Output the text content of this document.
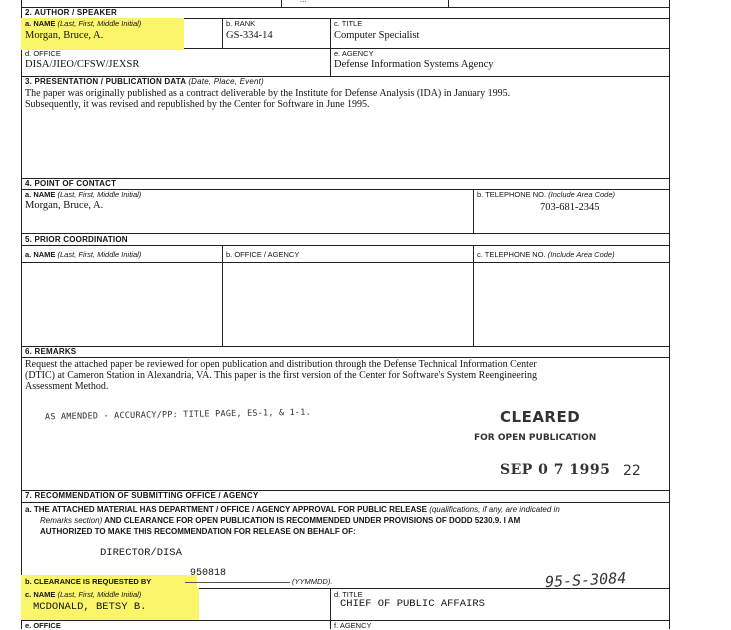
2. AUTHOR / SPEAKER
a. NAME (Last, First, Middle Initial)
Morgan, Bruce, A.
b. RANK
GS-334-14
c. TITLE
Computer Specialist
d. OFFICE
DISA/JIEO/CFSW/JEXSR
e. AGENCY
Defense Information Systems Agency
3. PRESENTATION / PUBLICATION DATA (Date, Place, Event)
The paper was originally published as a contract deliverable by the Institute for Defense Analysis (IDA) in January 1995.
Subsequently, it was revised and republished by the Center for Software in June 1995.
4. POINT OF CONTACT
a. NAME (Last, First, Middle Initial)
Morgan, Bruce, A.
b. TELEPHONE NO. (Include Area Code)
703-681-2345
5. PRIOR COORDINATION
a. NAME (Last, First, Middle Initial)	b. OFFICE / AGENCY	c. TELEPHONE NO. (Include Area Code)
6. REMARKS
Request the attached paper be reviewed for open publication and distribution through the Defense Technical Information Center
(DTIC) at Cameron Station in Alexandria, VA. This paper is the first version of the Center for Software's System Reengineering
Assessment Method.
AS AMENDED - ACCURACY/PP: TITLE PAGE, ES-1, & 1-1.	CLEARED
FOR OPEN PUBLICATION
SEP 0 7 1995 22
7. RECOMMENDATION OF SUBMITTING OFFICE / AGENCY
a. THE ATTACHED MATERIAL HAS DEPARTMENT / OFFICE / AGENCY APPROVAL FOR PUBLIC RELEASE (qualifications, if any, are indicated in
Remarks section) AND CLEARANCE FOR OPEN PUBLICATION IS RECOMMENDED UNDER PROVISIONS OF DODD 5230.9. I AM
AUTHORIZED TO MAKE THIS RECOMMENDATION FOR RELEASE ON BEHALF OF:
DIRECTOR/DISA
b. CLEARANCE IS REQUESTED BY
950818
(YYMMDD).	95-S-3084
c. NAME (Last, First, Middle Initial)
MCDONALD, BETSY B.
d. TITLE
CHIEF OF PUBLIC AFFAIRS
e. OFFICE	f. AGENCY
